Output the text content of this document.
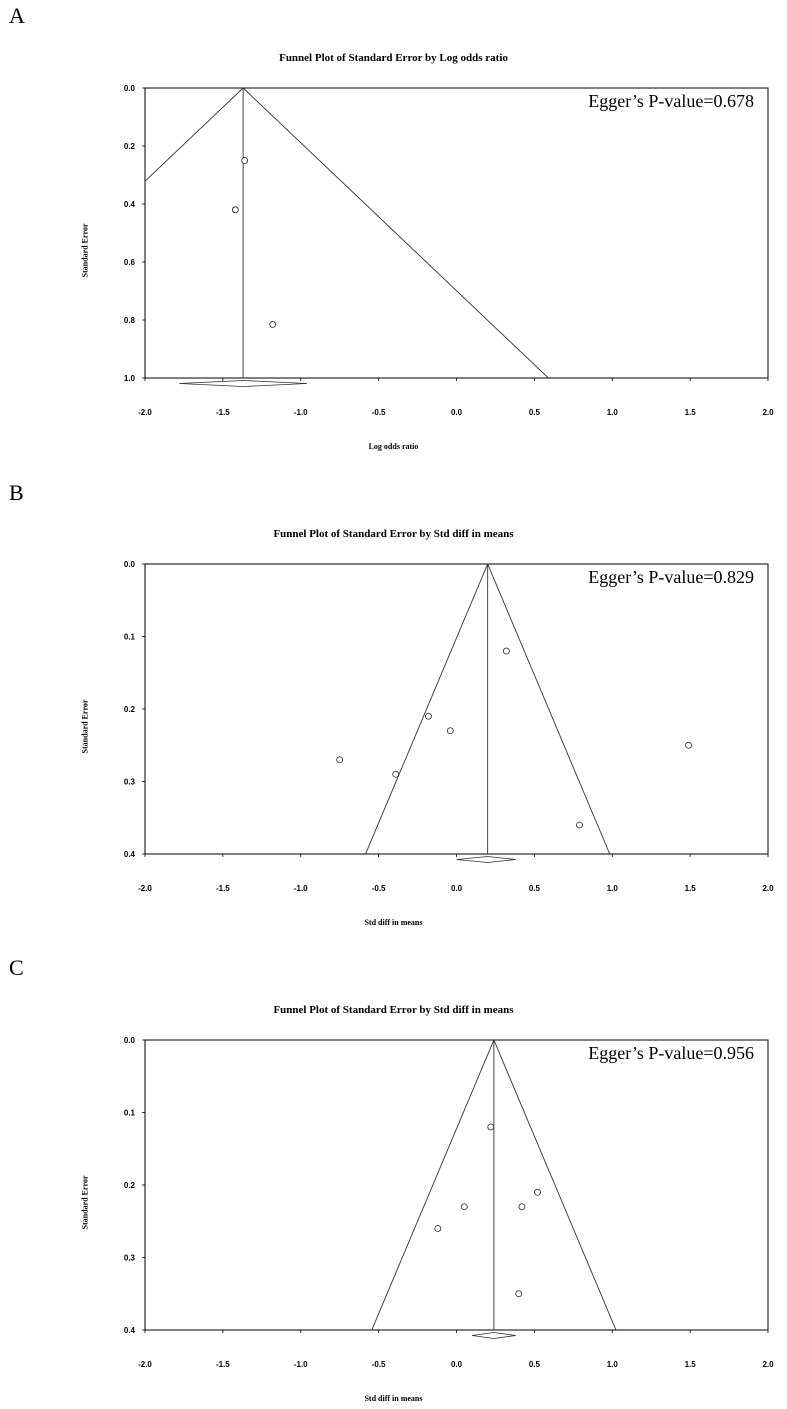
A
Funnel Plot of Standard Error by Log odds ratio
Standard Error
-2.0	-1.5	-1.0	-0.5	0.0	0.5	1.0	1.5	2.0
0.0
0.2
0.4
0.6
0.8
1.0
Egger’s P-value=0.678
Log odds ratio
B
Funnel Plot of Standard Error by Std diff in means
Standard Error
-2.0	-1.5	-1.0	-0.5	0.0	0.5	1.0	1.5	2.0
0.0
0.1
0.2
0.3
0.4
Egger’s P-value=0.829
Std diff in means
C
Funnel Plot of Standard Error by Std diff in means
Standard Error
-2.0	-1.5	-1.0	-0.5	0.0	0.5	1.0	1.5	2.0
0.0
0.1
0.2
0.3
0.4
Egger’s P-value=0.956
Std diff in means
